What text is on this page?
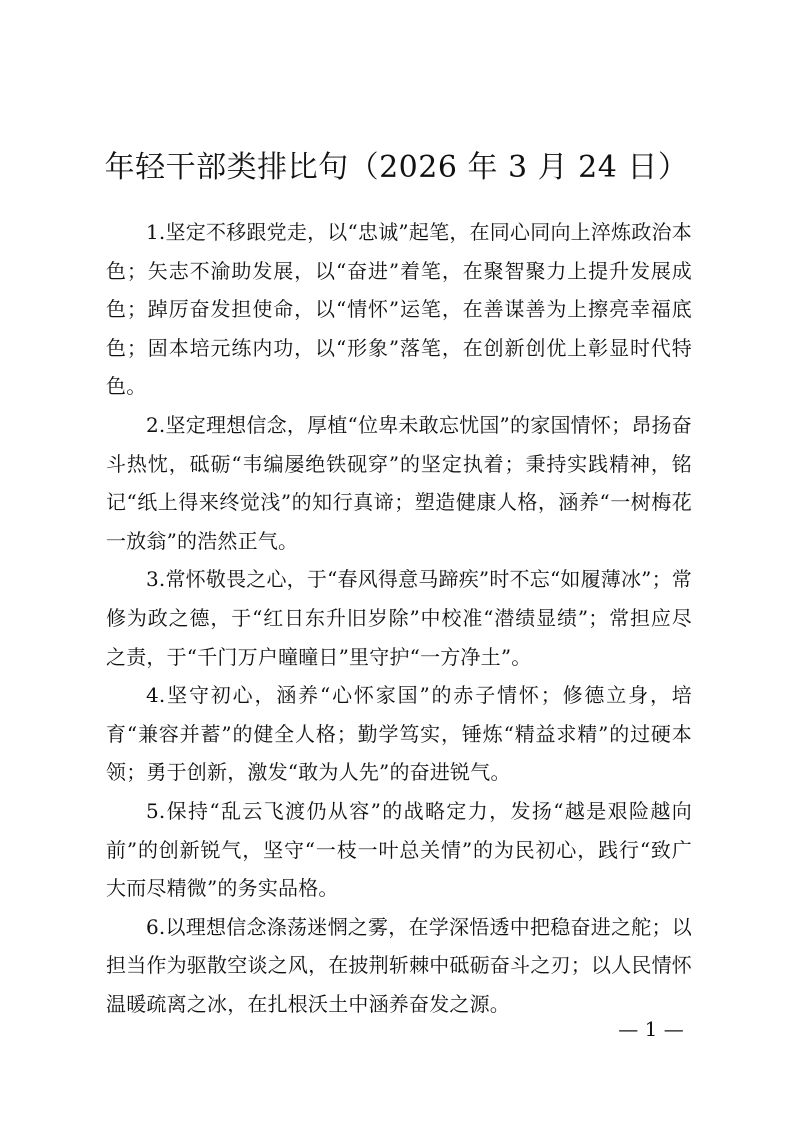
年轻干部类排比句（2026 年 3 月 24 日）

1.坚定不移跟党走，以“忠诚”起笔，在同心同向上淬炼政治本色；矢志不渝助发展，以“奋进”着笔，在聚智聚力上提升发展成色；踔厉奋发担使命，以“情怀”运笔，在善谋善为上擦亮幸福底色；固本培元练内功，以“形象”落笔，在创新创优上彰显时代特色。

2.坚定理想信念，厚植“位卑未敢忘忧国”的家国情怀；昂扬奋斗热忱，砥砺“韦编屡绝铁砚穿”的坚定执着；秉持实践精神，铭记“纸上得来终觉浅”的知行真谛；塑造健康人格，涵养“一树梅花一放翁”的浩然正气。

3.常怀敬畏之心，于“春风得意马蹄疾”时不忘“如履薄冰”；常修为政之德，于“红日东升旧岁除”中校准“潜绩显绩”；常担应尽之责，于“千门万户曈曈日”里守护“一方净土”。

4.坚守初心，涵养“心怀家国”的赤子情怀；修德立身，培育“兼容并蓄”的健全人格；勤学笃实，锤炼“精益求精”的过硬本领；勇于创新，激发“敢为人先”的奋进锐气。

5.保持“乱云飞渡仍从容”的战略定力，发扬“越是艰险越向前”的创新锐气，坚守“一枝一叶总关情”的为民初心，践行“致广大而尽精微”的务实品格。

6.以理想信念涤荡迷惘之雾，在学深悟透中把稳奋进之舵；以担当作为驱散空谈之风，在披荆斩棘中砥砺奋斗之刃；以人民情怀温暖疏离之冰，在扎根沃土中涵养奋发之源。

— 1 —
